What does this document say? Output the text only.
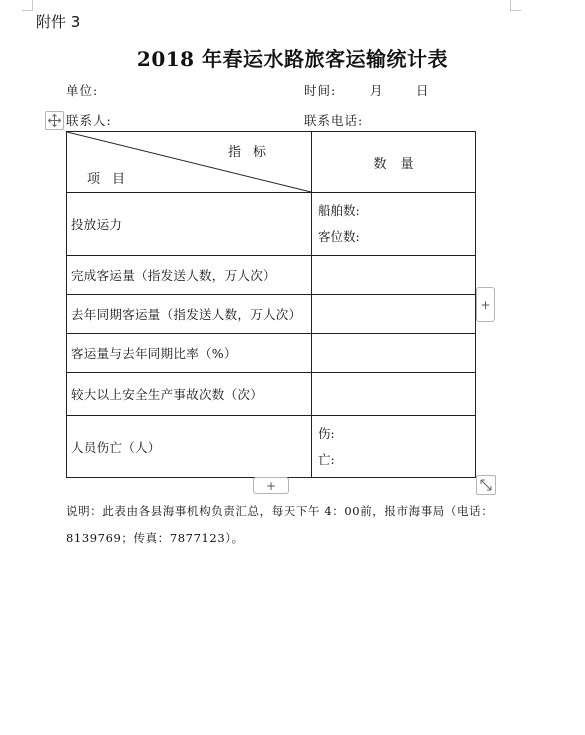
附件 3
2018 年春运水路旅客运输统计表
单位:	时间:	月	日
联系人:	联系电话:
指标
项目	数量
投放运力	船舶数:
客位数:

完成客运量（指发送人数，万人次）	
去年同期客运量（指发送人数，万人次）	
客运量与去年同期比率（%）	
较大以上安全生产事故次数（次）	
人员伤亡（人）	伤:
亡:
+
+
说明：此表由各县海事机构负责汇总，每天下午 4：00前，报市海事局（电话：
8139769；传真：7877123）。
